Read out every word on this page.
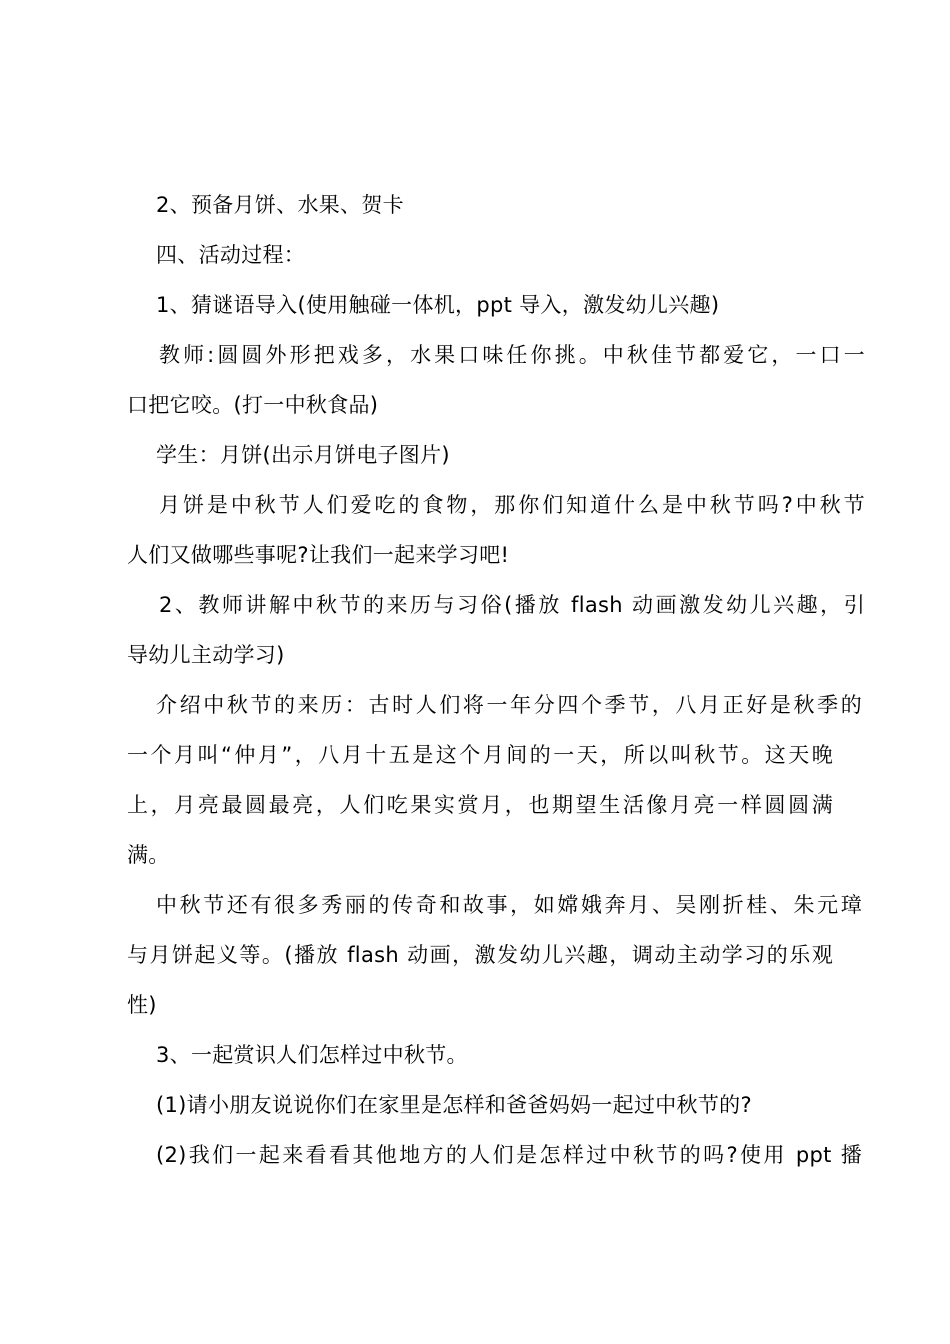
2、预备月饼、水果、贺卡
四、活动过程：
1、猜谜语导入(使用触碰一体机，ppt 导入，激发幼儿兴趣)
教师:圆圆外形把戏多，水果口味任你挑。中秋佳节都爱它，一口一
口把它咬。(打一中秋食品)
学生：月饼(出示月饼电子图片)
月饼是中秋节人们爱吃的食物，那你们知道什么是中秋节吗?中秋节
人们又做哪些事呢?让我们一起来学习吧!
2、教师讲解中秋节的来历与习俗(播放 flash 动画激发幼儿兴趣，引
导幼儿主动学习)
介绍中秋节的来历：古时人们将一年分四个季节，八月正好是秋季的
一个月叫“仲月”，八月十五是这个月间的一天，所以叫秋节。这天晚
上，月亮最圆最亮，人们吃果实赏月，也期望生活像月亮一样圆圆满
满。
中秋节还有很多秀丽的传奇和故事，如嫦娥奔月、吴刚折桂、朱元璋
与月饼起义等。(播放 flash 动画，激发幼儿兴趣，调动主动学习的乐观
性)
3、一起赏识人们怎样过中秋节。
(1)请小朋友说说你们在家里是怎样和爸爸妈妈一起过中秋节的?
(2)我们一起来看看其他地方的人们是怎样过中秋节的吗?使用 ppt 播
